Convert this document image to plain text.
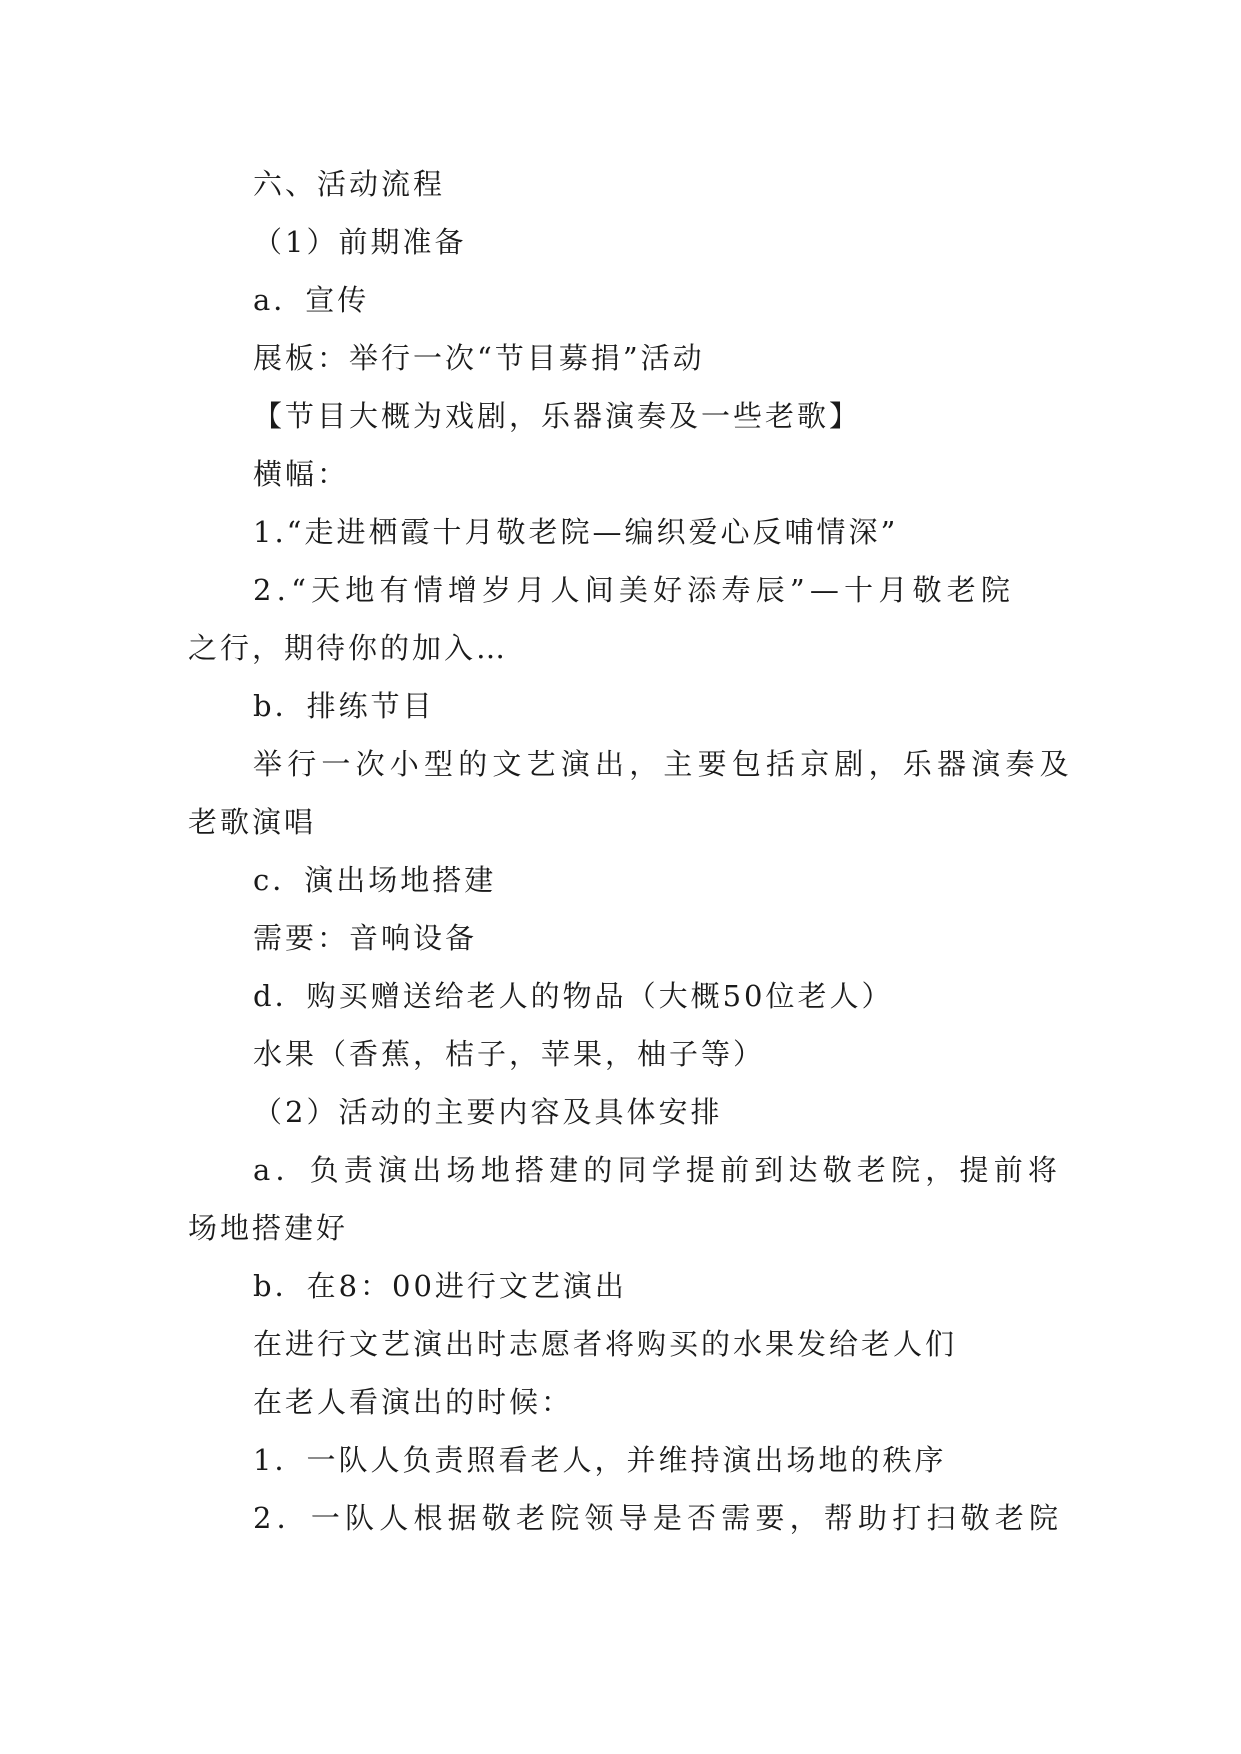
六、活动流程
（1）前期准备
a．宣传
展板：举行一次“节目募捐”活动
【节目大概为戏剧，乐器演奏及一些老歌】
横幅：
1.“走进栖霞十月敬老院—编织爱心反哺情深”
2.“天地有情增岁月人间美好添寿辰”—十月敬老院
之行，期待你的加入…
b．排练节目
举行一次小型的文艺演出，主要包括京剧，乐器演奏及
老歌演唱
c．演出场地搭建
需要：音响设备
d．购买赠送给老人的物品（大概50位老人）
水果（香蕉，桔子，苹果，柚子等）
（2）活动的主要内容及具体安排
a．负责演出场地搭建的同学提前到达敬老院，提前将
场地搭建好
b．在8：00进行文艺演出
在进行文艺演出时志愿者将购买的水果发给老人们
在老人看演出的时候：
1．一队人负责照看老人，并维持演出场地的秩序
2．一队人根据敬老院领导是否需要，帮助打扫敬老院
